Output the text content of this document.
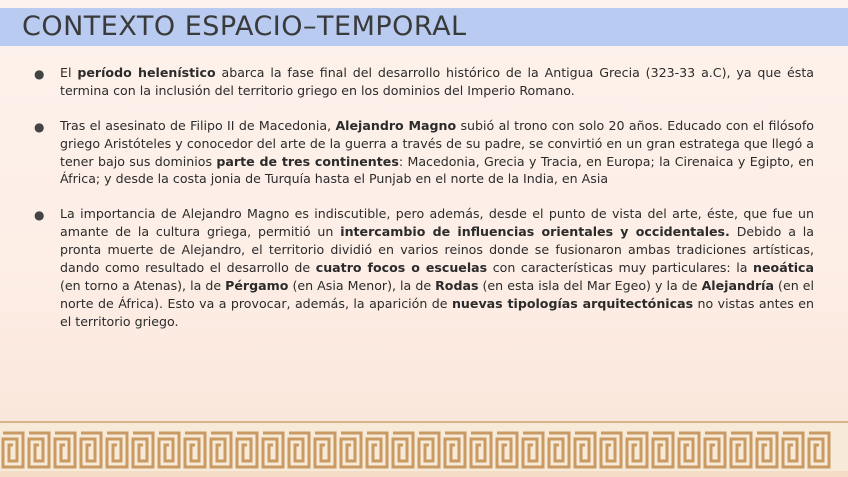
CONTEXTO ESPACIO–TEMPORAL
●	El período helenístico abarca la fase final del desarrollo histórico de la Antigua Grecia (323-33 a.C), ya que ésta termina con la inclusión del territorio griego en los dominios del Imperio Romano.
●	Tras el asesinato de Filipo II de Macedonia, Alejandro Magno subió al trono con solo 20 años. Educado con el filósofo griego Aristóteles y conocedor del arte de la guerra a través de su padre, se convirtió en un gran estratega que llegó a tener bajo sus dominios parte de tres continentes: Macedonia, Grecia y Tracia, en Europa; la Cirenaica y Egipto, en África; y desde la costa jonia de Turquía hasta el Punjab en el norte de la India, en Asia
●	La importancia de Alejandro Magno es indiscutible, pero además, desde el punto de vista del arte, éste, que fue un amante de la cultura griega, permitió un intercambio de influencias orientales y occidentales. Debido a la pronta muerte de Alejandro, el territorio dividió en varios reinos donde se fusionaron ambas tradiciones artísticas, dando como resultado el desarrollo de cuatro focos o escuelas con características muy particulares: la neoática (en torno a Atenas), la de Pérgamo (en Asia Menor), la de Rodas (en esta isla del Mar Egeo) y la de Alejandría (en el norte de África). Esto va a provocar, además, la aparición de nuevas tipologías arquitectónicas no vistas antes en el territorio griego.
